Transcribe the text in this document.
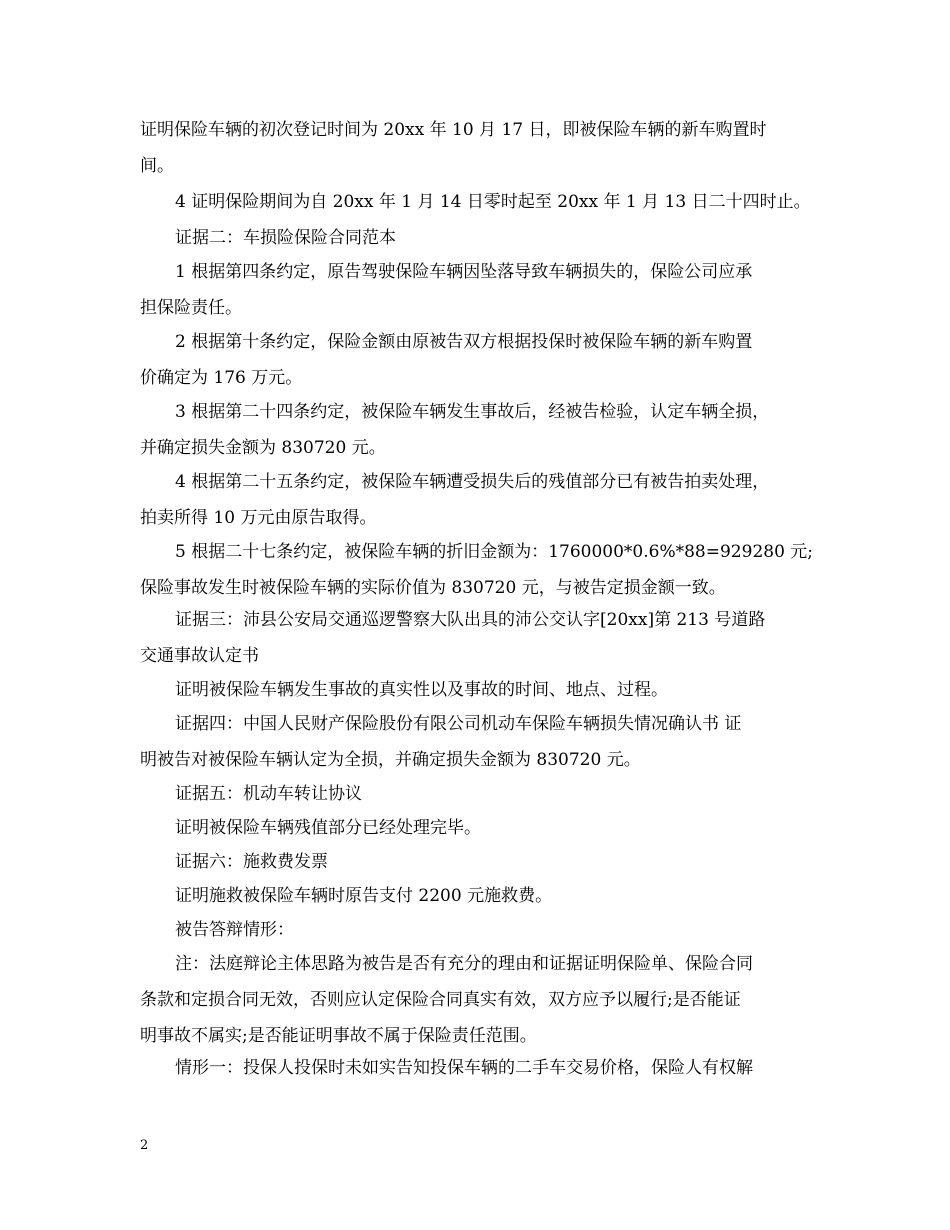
证明保险车辆的初次登记时间为 20xx 年 10 月 17 日，即被保险车辆的新车购置时
间。
4 证明保险期间为自 20xx 年 1 月 14 日零时起至 20xx 年 1 月 13 日二十四时止。
证据二：车损险保险合同范本
1 根据第四条约定，原告驾驶保险车辆因坠落导致车辆损失的，保险公司应承
担保险责任。
2 根据第十条约定，保险金额由原被告双方根据投保时被保险车辆的新车购置
价确定为 176 万元。
3 根据第二十四条约定，被保险车辆发生事故后，经被告检验，认定车辆全损，
并确定损失金额为 830720 元。
4 根据第二十五条约定，被保险车辆遭受损失后的残值部分已有被告拍卖处理，
拍卖所得 10 万元由原告取得。
5 根据二十七条约定，被保险车辆的折旧金额为：1760000*0.6%*88=929280 元;
保险事故发生时被保险车辆的实际价值为 830720 元，与被告定损金额一致。
证据三：沛县公安局交通巡逻警察大队出具的沛公交认字[20xx]第 213 号道路
交通事故认定书
证明被保险车辆发生事故的真实性以及事故的时间、地点、过程。
证据四：中国人民财产保险股份有限公司机动车保险车辆损失情况确认书 证
明被告对被保险车辆认定为全损，并确定损失金额为 830720 元。
证据五：机动车转让协议
证明被保险车辆残值部分已经处理完毕。
证据六：施救费发票
证明施救被保险车辆时原告支付 2200 元施救费。
被告答辩情形：
注：法庭辩论主体思路为被告是否有充分的理由和证据证明保险单、保险合同
条款和定损合同无效，否则应认定保险合同真实有效，双方应予以履行;是否能证
明事故不属实;是否能证明事故不属于保险责任范围。
情形一：投保人投保时未如实告知投保车辆的二手车交易价格，保险人有权解
2
